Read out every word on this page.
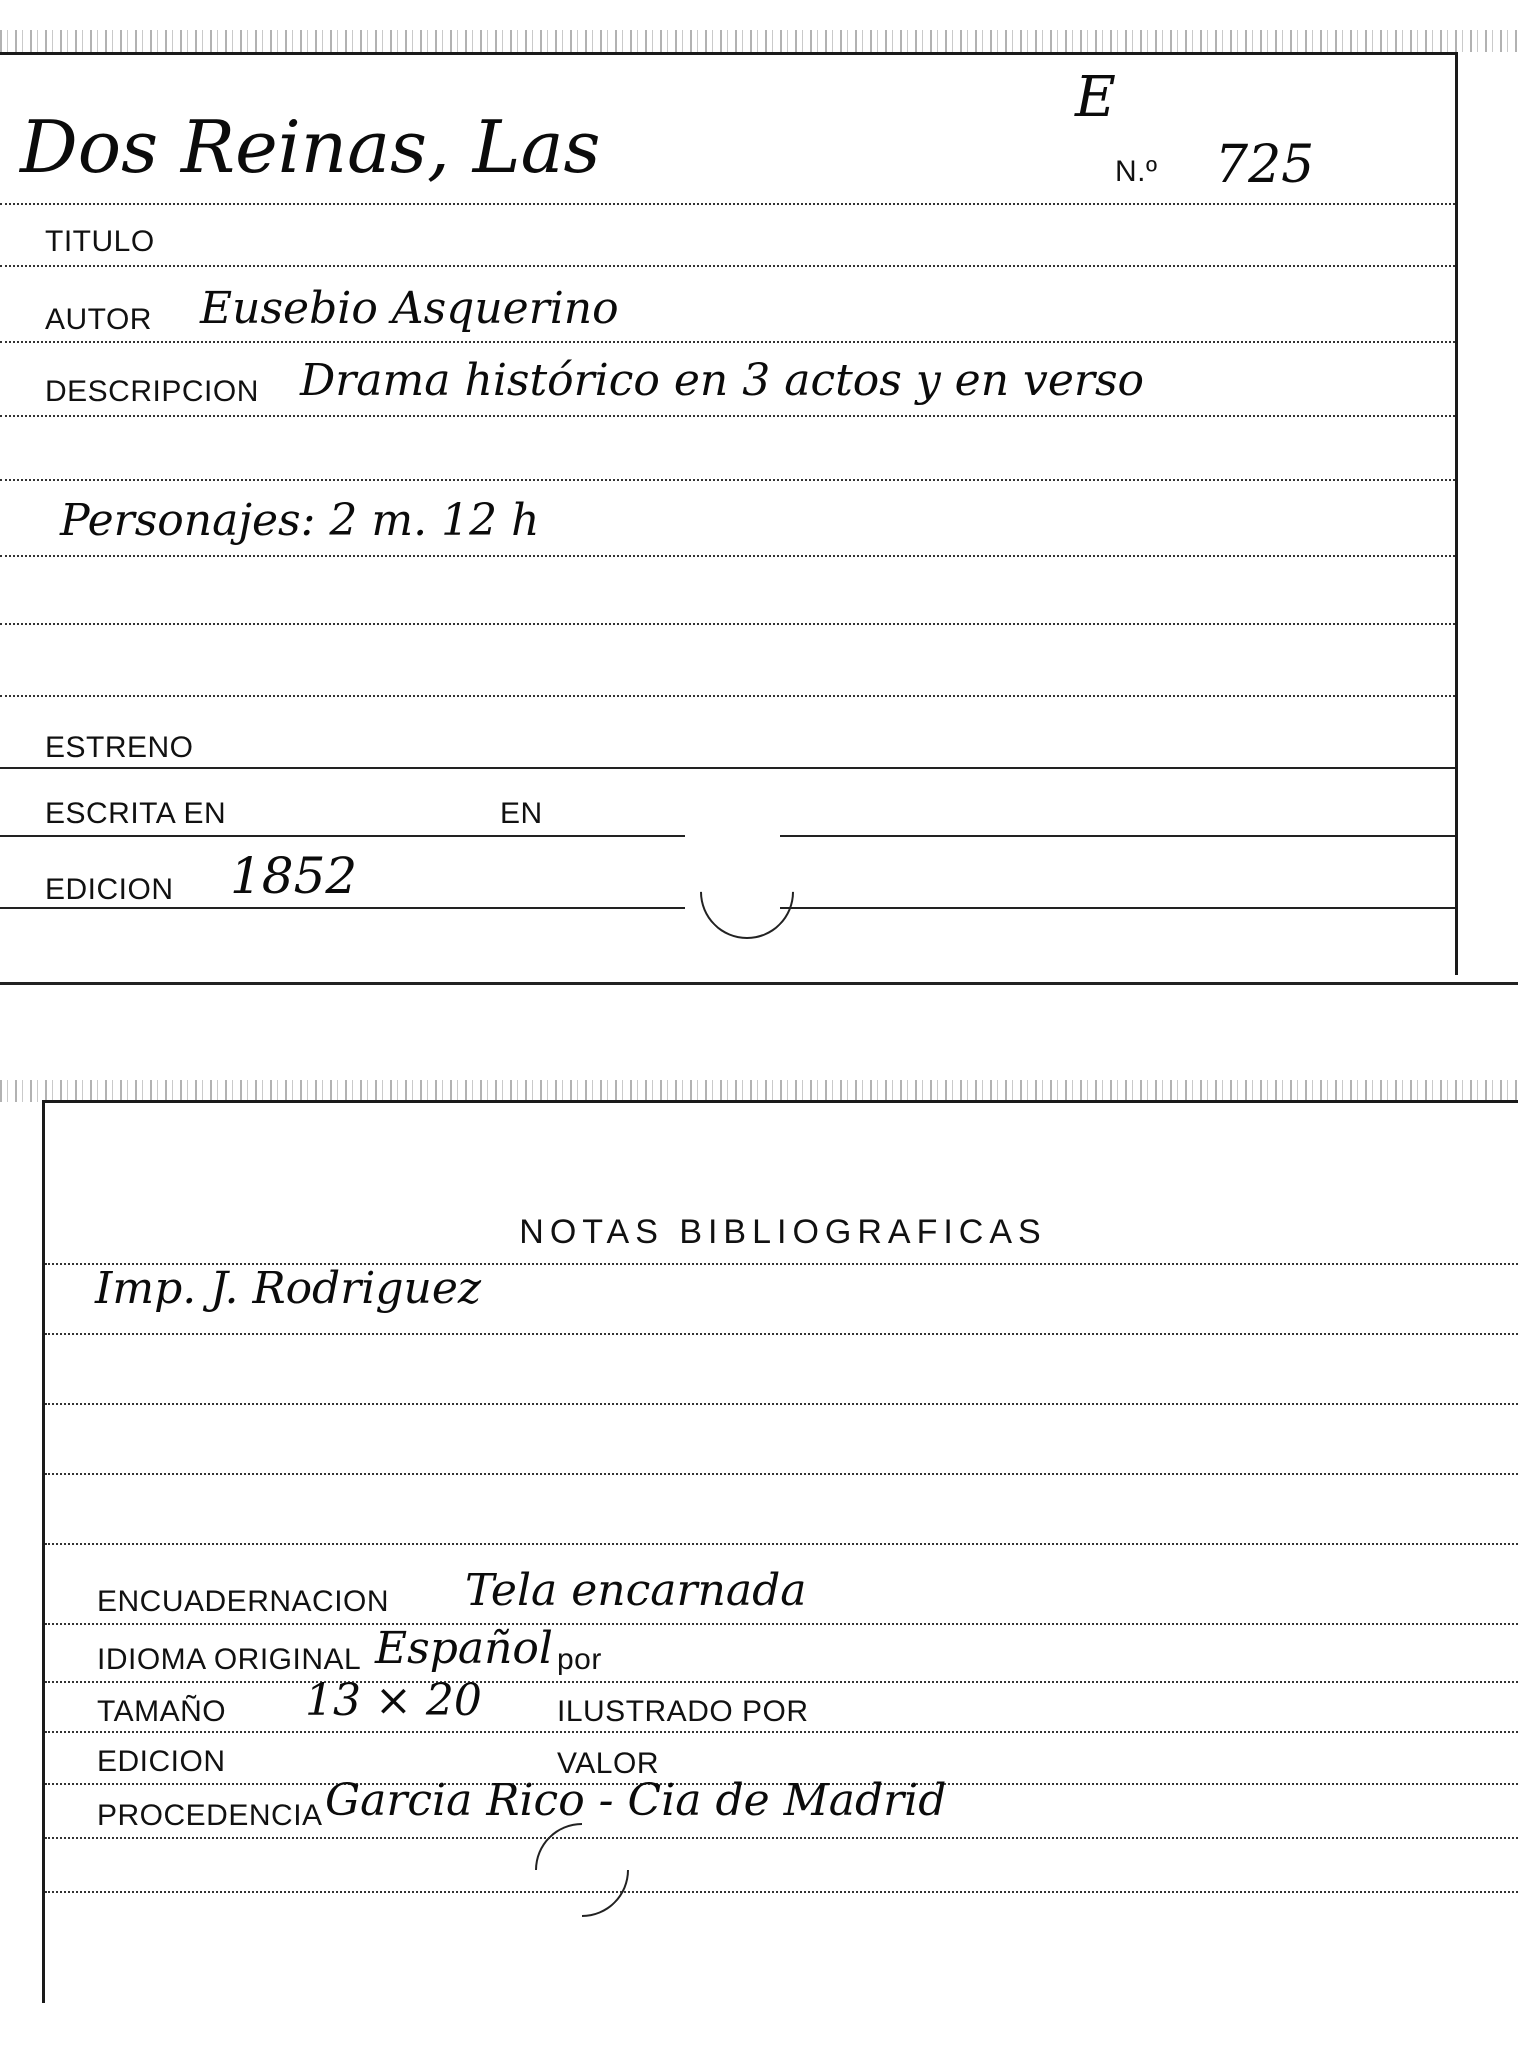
Dos Reinas, Las
E
N.º 725
TITULO
AUTOR Eusebio Asquerino
DESCRIPCION Drama histórico en 3 actos y en verso
Personajes: 2 m. 12 h
ESTRENO
ESCRITA EN	EN
EDICION 1852
NOTAS BIBLIOGRAFICAS
Imp. J. Rodriguez
ENCUADERNACION Tela encarnada
IDIOMA ORIGINAL Español por
TAMAÑO 13 × 20	ILUSTRADO POR
EDICION	VALOR
PROCEDENCIA Garcia Rico - Cia de Madrid
